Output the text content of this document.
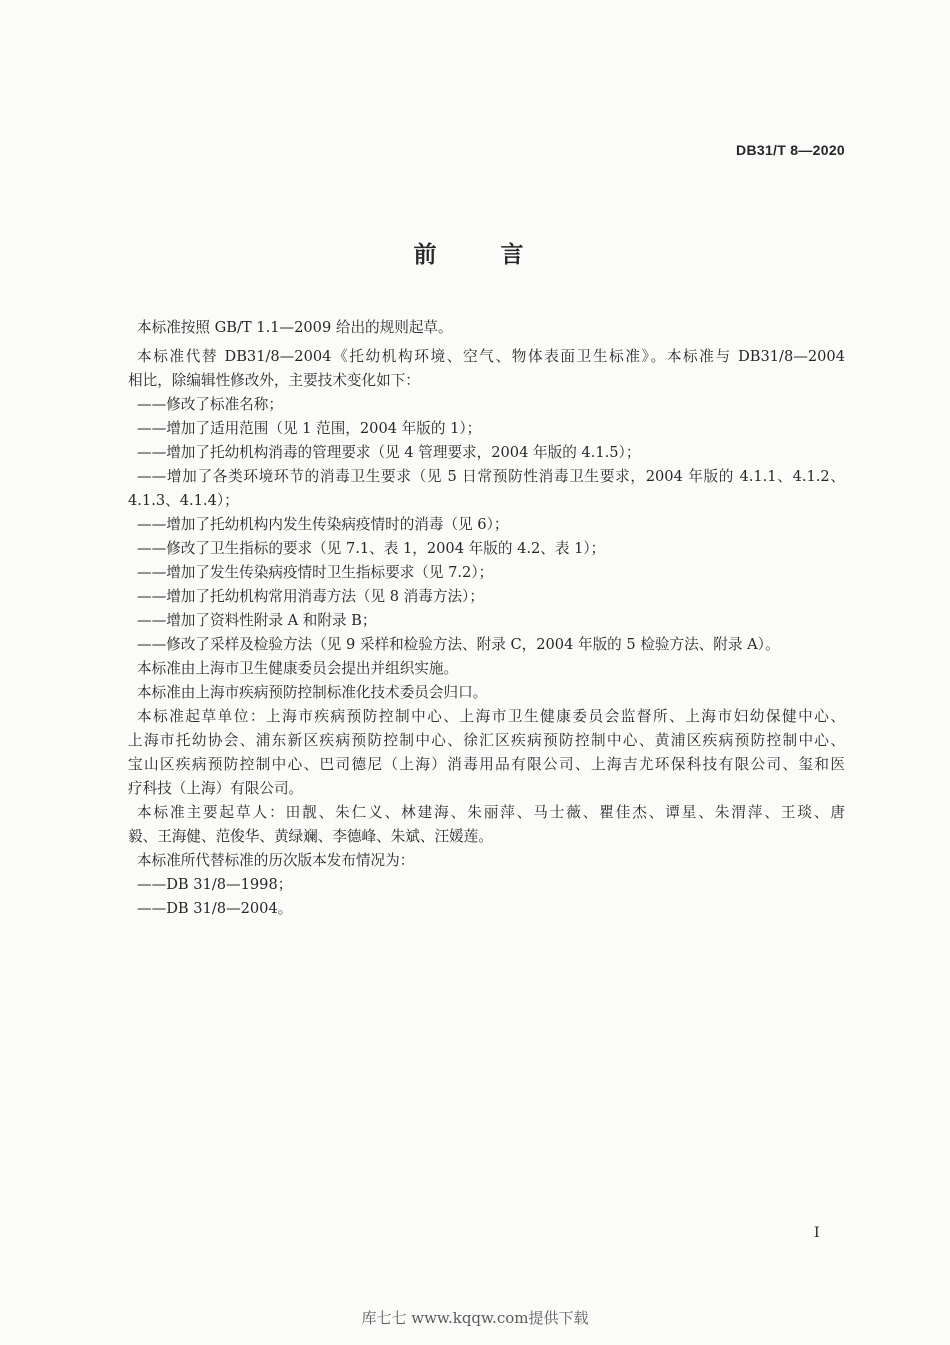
DB31/T 8—2020
前 言
本标准按照 GB/T 1.1—2009 给出的规则起草。
本标准代替 DB31/8—2004《托幼机构环境、空气、物体表面卫生标准》。本标准与 DB31/8—2004
相比，除编辑性修改外，主要技术变化如下：
——修改了标准名称；
——增加了适用范围（见 1 范围，2004 年版的 1）；
——增加了托幼机构消毒的管理要求（见 4 管理要求，2004 年版的 4.1.5）；
——增加了各类环境环节的消毒卫生要求（见 5 日常预防性消毒卫生要求，2004 年版的 4.1.1、4.1.2、
4.1.3、4.1.4）；
——增加了托幼机构内发生传染病疫情时的消毒（见 6）；
——修改了卫生指标的要求（见 7.1、表 1，2004 年版的 4.2、表 1）；
——增加了发生传染病疫情时卫生指标要求（见 7.2）；
——增加了托幼机构常用消毒方法（见 8 消毒方法）；
——增加了资料性附录 A 和附录 B；
——修改了采样及检验方法（见 9 采样和检验方法、附录 C，2004 年版的 5 检验方法、附录 A）。
本标准由上海市卫生健康委员会提出并组织实施。
本标准由上海市疾病预防控制标准化技术委员会归口。
本标准起草单位：上海市疾病预防控制中心、上海市卫生健康委员会监督所、上海市妇幼保健中心、
上海市托幼协会、浦东新区疾病预防控制中心、徐汇区疾病预防控制中心、黄浦区疾病预防控制中心、
宝山区疾病预防控制中心、巴司德尼（上海）消毒用品有限公司、上海吉尤环保科技有限公司、玺和医
疗科技（上海）有限公司。
本标准主要起草人：田靓、朱仁义、林建海、朱丽萍、马士薇、瞿佳杰、谭星、朱渭萍、王琰、唐
毅、王海健、范俊华、黄绿斓、李德峰、朱斌、汪媛莲。
本标准所代替标准的历次版本发布情况为：
——DB 31/8—1998；
——DB 31/8—2004。
I
库七七 www.kqqw.com提供下载
